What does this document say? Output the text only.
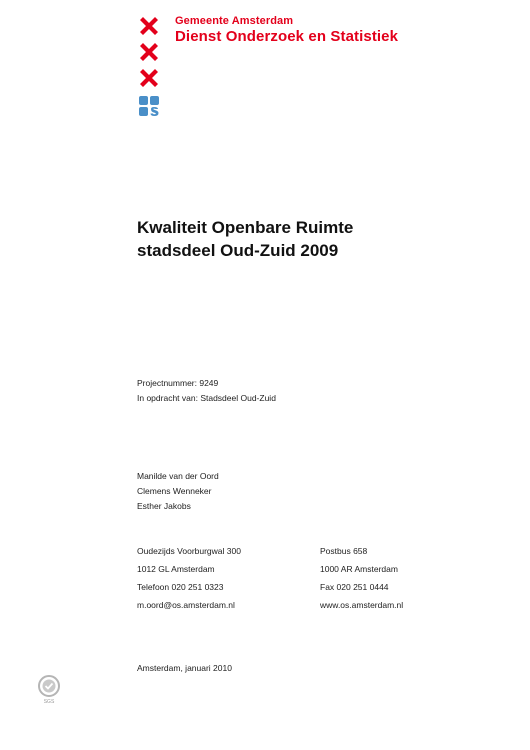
Gemeente Amsterdam
Dienst Onderzoek en Statistiek
Kwaliteit Openbare Ruimte
stadsdeel Oud-Zuid 2009
Projectnummer: 9249
In opdracht van: Stadsdeel Oud-Zuid
Manilde van der Oord
Clemens Wenneker
Esther Jakobs
Oudezijds Voorburgwal 300
1012 GL Amsterdam
Telefoon 020 251 0323
m.oord@os.amsterdam.nl
Postbus 658
1000 AR Amsterdam
Fax 020 251 0444
www.os.amsterdam.nl
Amsterdam, januari 2010
SGS
